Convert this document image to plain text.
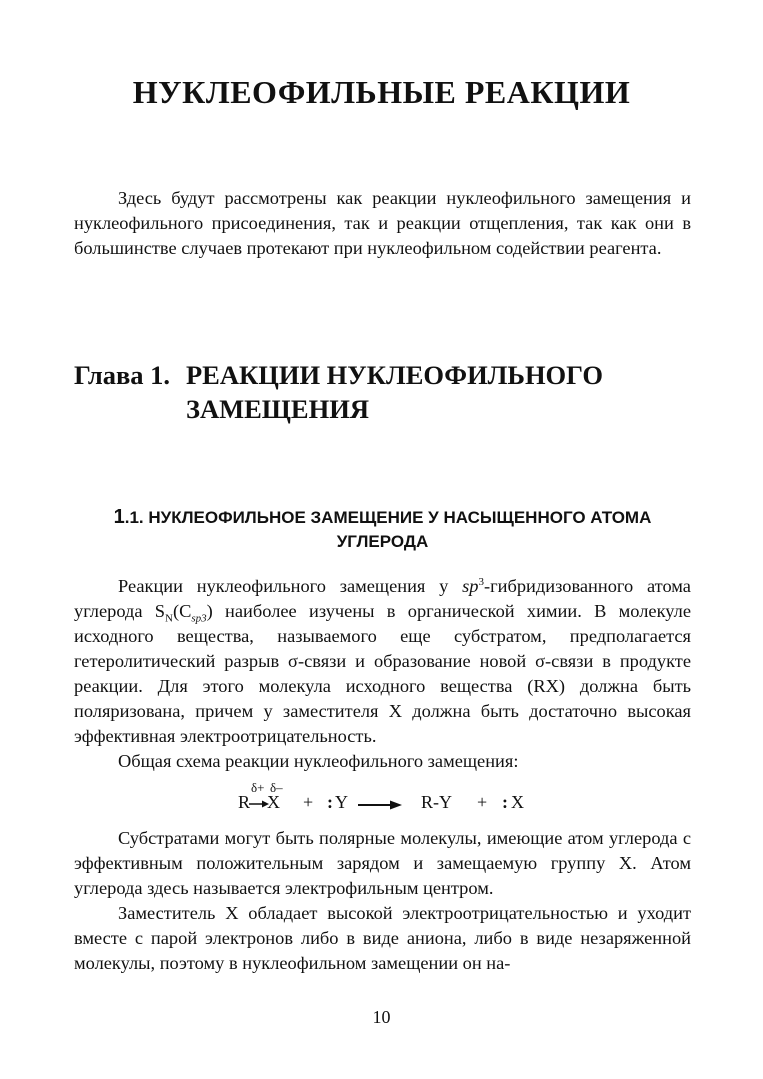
НУКЛЕОФИЛЬНЫЕ РЕАКЦИИ

Здесь будут рассмотрены как реакции нуклеофильного замещения и нуклеофильного присоединения, так и реакции отщепления, так как они в большинстве случаев протекают при нуклеофильном содействии реагента.

Глава 1. РЕАКЦИИ НУКЛЕОФИЛЬНОГО ЗАМЕЩЕНИЯ
1.1. НУКЛЕОФИЛЬНОЕ ЗАМЕЩЕНИЕ У НАСЫЩЕННОГО АТОМА УГЛЕРОДА

Реакции нуклеофильного замещения у $sp^3$-гибридизованного атома углерода $S_N(C_{sp3})$ наиболее изучены в органической химии. В молекуле исходного вещества, называемого еще субстратом, предполагается гетеролитический разрыв σ-связи и образование новой σ-связи в продукте реакции. Для этого молекула исходного вещества (RX) должна быть поляризована, причем у заместителя X должна быть достаточно высокая эффективная электроотрицательность.

Общая схема реакции нуклеофильного замещения:

δ+ δ–
R X + : Y → R-Y + : X

Субстратами могут быть полярные молекулы, имеющие атом углерода с эффективным положительным зарядом и замещаемую группу X. Атом углерода здесь называется электрофильным центром.

Заместитель X обладает высокой электроотрицательностью и уходит вместе с парой электронов либо в виде аниона, либо в виде незаряженной молекулы, поэтому в нуклеофильном замещении он на-

10
